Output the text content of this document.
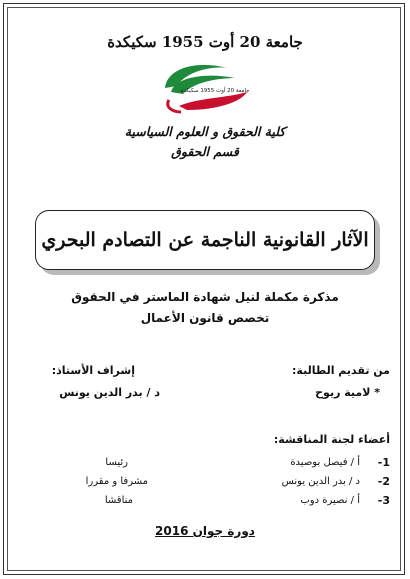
جامعة 20 أوت 1955 سكيكدة
جامعة 20 أوت 1955 سكيكدة
كلية الحقوق و العلوم السياسية
قسم الحقوق
الآثار القانونية الناجمة عن التصادم البحري
مذكرة مكملة لنيل شهادة الماستر في الحقوق
تخصص قانون الأعمال
من تقديم الطالبة:
* لامية ريوح
إشراف الأستاذ:
د / بدر الدين يونس
أعضاء لجنة المناقشة:
1-
أ / فيصل بوصيدة
رئيسا
2-
د / بدر الدين يونس
مشرفا و مقررا
3-
أ / نصيرة دوب
مناقشا
دورة جوان 2016
